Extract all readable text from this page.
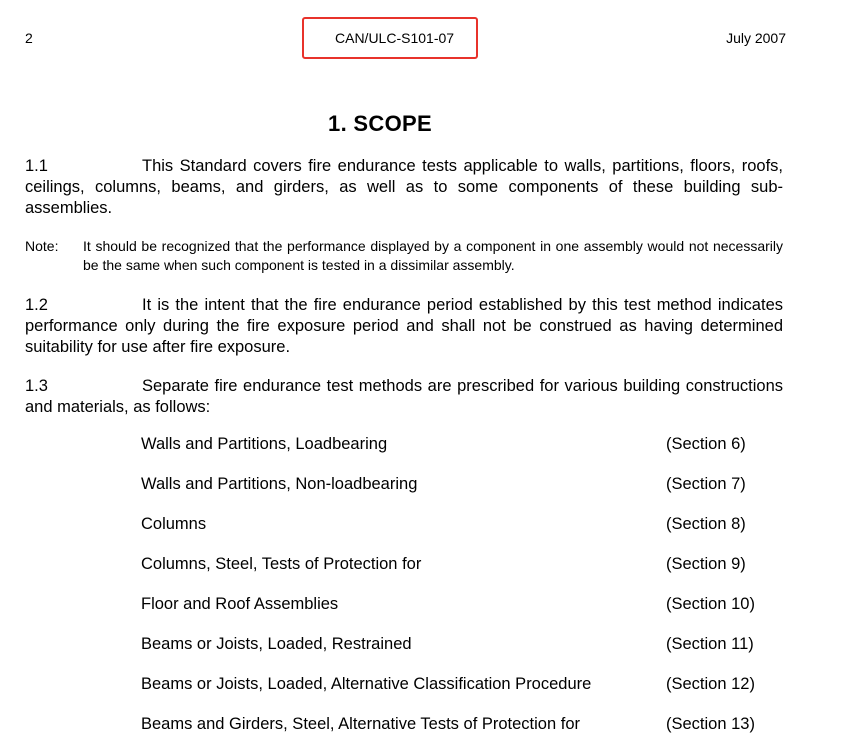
2	CAN/ULC-S101-07	July 2007
1. SCOPE
1.1	This Standard covers fire endurance tests applicable to walls, partitions, floors, roofs, ceilings, columns, beams, and girders, as well as to some components of these building sub-assemblies.
Note: It should be recognized that the performance displayed by a component in one assembly would not necessarily be the same when such component is tested in a dissimilar assembly.
1.2	It is the intent that the fire endurance period established by this test method indicates performance only during the fire exposure period and shall not be construed as having determined suitability for use after fire exposure.
1.3	Separate fire endurance test methods are prescribed for various building constructions and materials, as follows:
Walls and Partitions, Loadbearing	(Section 6)
Walls and Partitions, Non-loadbearing	(Section 7)
Columns	(Section 8)
Columns, Steel, Tests of Protection for	(Section 9)
Floor and Roof Assemblies	(Section 10)
Beams or Joists, Loaded, Restrained	(Section 11)
Beams or Joists, Loaded, Alternative Classification Procedure	(Section 12)
Beams and Girders, Steel, Alternative Tests of Protection for	(Section 13)
